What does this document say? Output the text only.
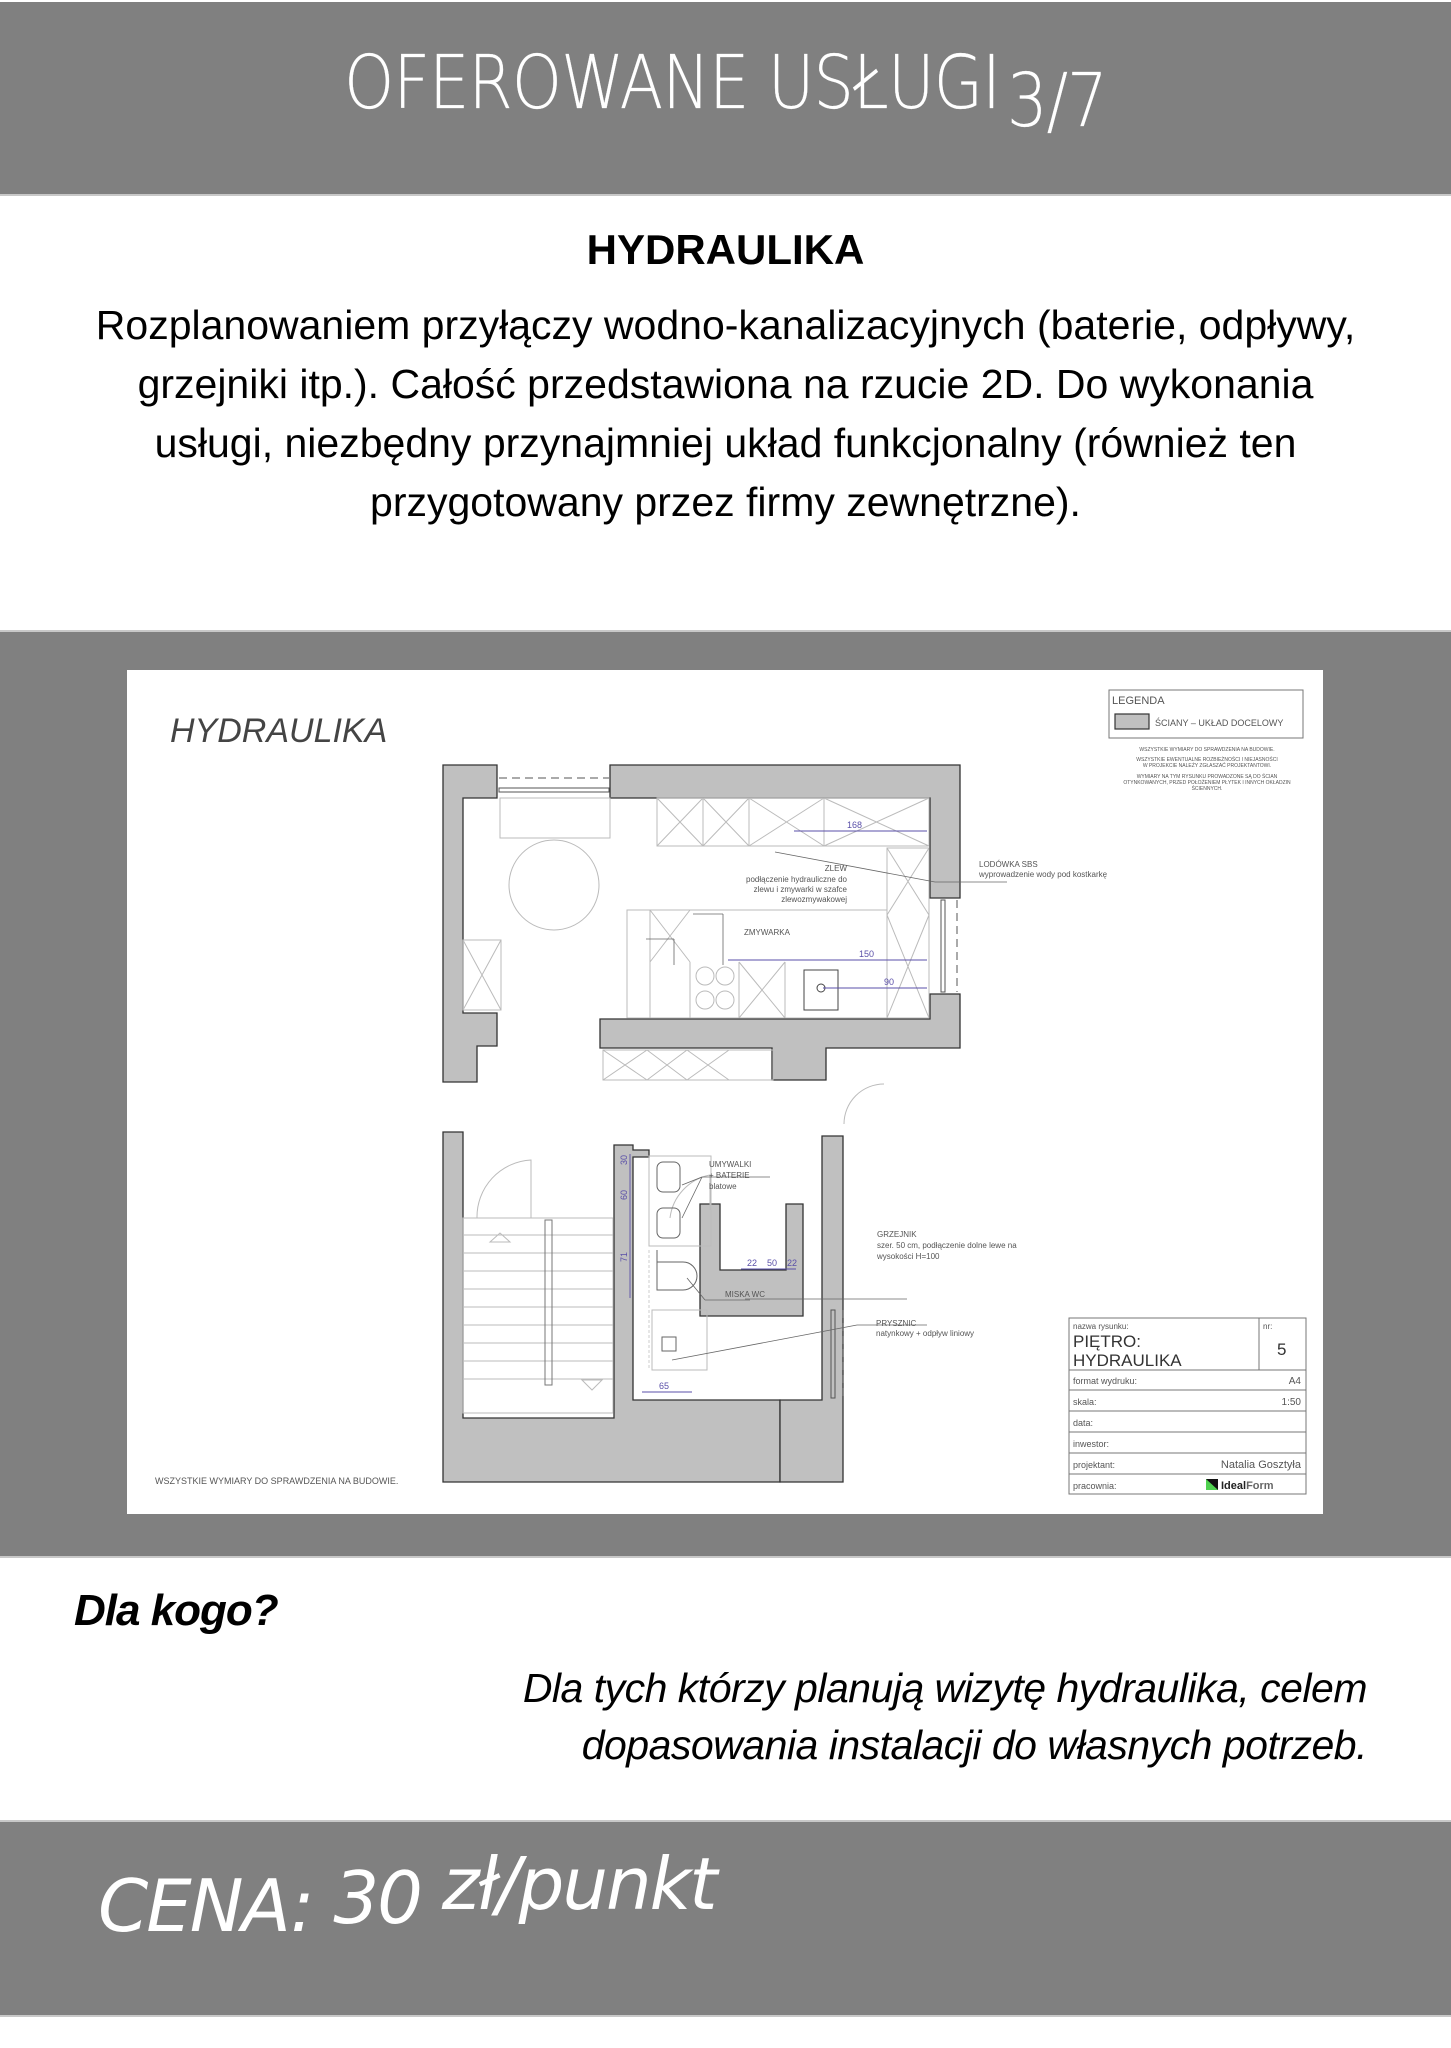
OFEROWANE USŁUGI3/7
HYDRAULIKA
Rozplanowaniem przyłączy wodno-kanalizacyjnych (baterie, odpływy, grzejniki itp.). Całość przedstawiona na rzucie 2D. Do wykonania usługi, niezbędny przynajmniej układ funkcjonalny (również ten przygotowany przez firmy zewnętrzne).
HYDRAULIKA
LEGENDA
ŚCIANY – UKŁAD DOCELOWY
WSZYSTKIE WYMIARY DO SPRAWDZENIA NA BUDOWIE.
WSZYSTKIE EWENTUALNE ROZBIEŻNOŚCI I NIEJASNOŚCI
W PROJEKCIE NALEŻY ZGŁASZAĆ PROJEKTANTOWI.
WYMIARY NA TYM RYSUNKU PROWADZONE SĄ DO ŚCIAN
OTYNKOWANYCH, PRZED POŁOŻENIEM PŁYTEK I INNYCH OKŁADZIN
ŚCIENNYCH.
168
150
90
30
60
71
22 50 22
65
ZLEW
podłączenie hydrauliczne do
zlewu i zmywarki w szafce
zlewozmywakowej
ZMYWARKA
LODÓWKA SBS
wyprowadzenie wody pod kostkarkę
UMYWALKI
+ BATERIE
blatowe
MISKA WC
GRZEJNIK
szer. 50 cm, podłączenie dolne lewe na
wysokości H=100
PRYSZNIC
natynkowy + odpływ liniowy
WSZYSTKIE WYMIARY DO SPRAWDZENIA NA BUDOWIE.
nazwa rysunku:
PIĘTRO:
HYDRAULIKA
nr:
5
format wydruku:	A4
skala:	1:50
data:
inwestor:
projektant:	Natalia Gosztyła
pracownia:	IdealForm
Dla kogo?
Dla tych którzy planują wizytę hydraulika, celem dopasowania instalacji do własnych potrzeb.
CENA: 30 zł/punkt
